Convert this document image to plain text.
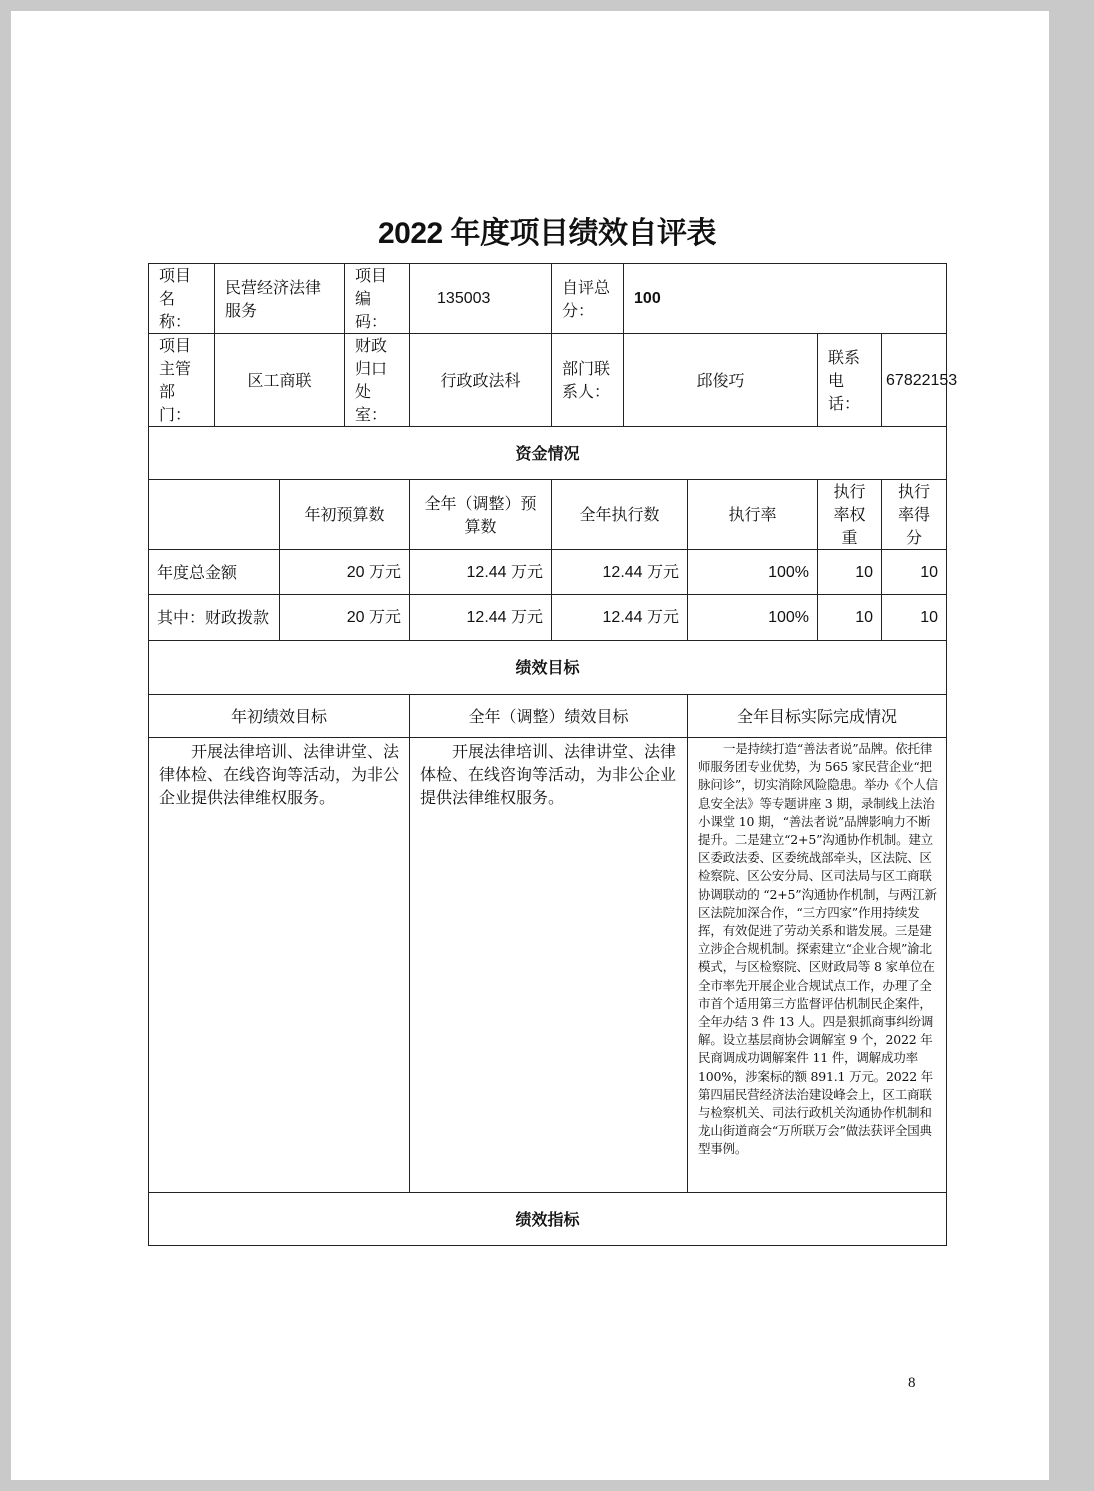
2022 年度项目绩效自评表
项目名称：	民营经济法律服务		项目编码：	135003	自评总分：	100			
项目主管部门：	区工商联		财政归口处室：	行政政法科	部门联系人：	邱俊巧		联系电话：	67822153
资金情况									
		年初预算数		全年（调整）预算数	全年执行数		执行率	执行率权重	执行率得分
年度总金额		20 万元		12.44 万元	12.44 万元		100%	10	10
其中：财政拨款		20 万元		12.44 万元	12.44 万元		100%	10	10
绩效目标									
年初绩效目标				全年（调整）绩效目标			全年目标实际完成情况		
开展法律培训、法律讲堂、法律体检、在线咨询等活动，为非公企业提供法律维权服务。				开展法律培训、法律讲堂、法律体检、在线咨询等活动，为非公企业提供法律维权服务。			一是持续打造“善法者说”品牌。依托律师服务团专业优势，为 565 家民营企业“把脉问诊”，切实消除风险隐患。举办《个人信息安全法》等专题讲座 3 期，录制线上法治小课堂 10 期，“善法者说”品牌影响力不断提升。二是建立“2+5”沟通协作机制。建立区委政法委、区委统战部牵头，区法院、区检察院、区公安分局、区司法局与区工商联协调联动的 “2+5”沟通协作机制，与两江新区法院加深合作，“三方四家”作用持续发挥，有效促进了劳动关系和谐发展。三是建立涉企合规机制。探索建立“企业合规”渝北模式，与区检察院、区财政局等 8 家单位在全市率先开展企业合规试点工作，办理了全市首个适用第三方监督评估机制民企案件，全年办结 3 件 13 人。四是狠抓商事纠纷调解。设立基层商协会调解室 9 个，2022 年民商调成功调解案件 11 件，调解成功率 100%，涉案标的额 891.1 万元。2022 年第四届民营经济法治建设峰会上，区工商联与检察机关、司法行政机关沟通协作机制和龙山街道商会“万所联万会”做法获评全国典型事例。		
绩效指标									
8
